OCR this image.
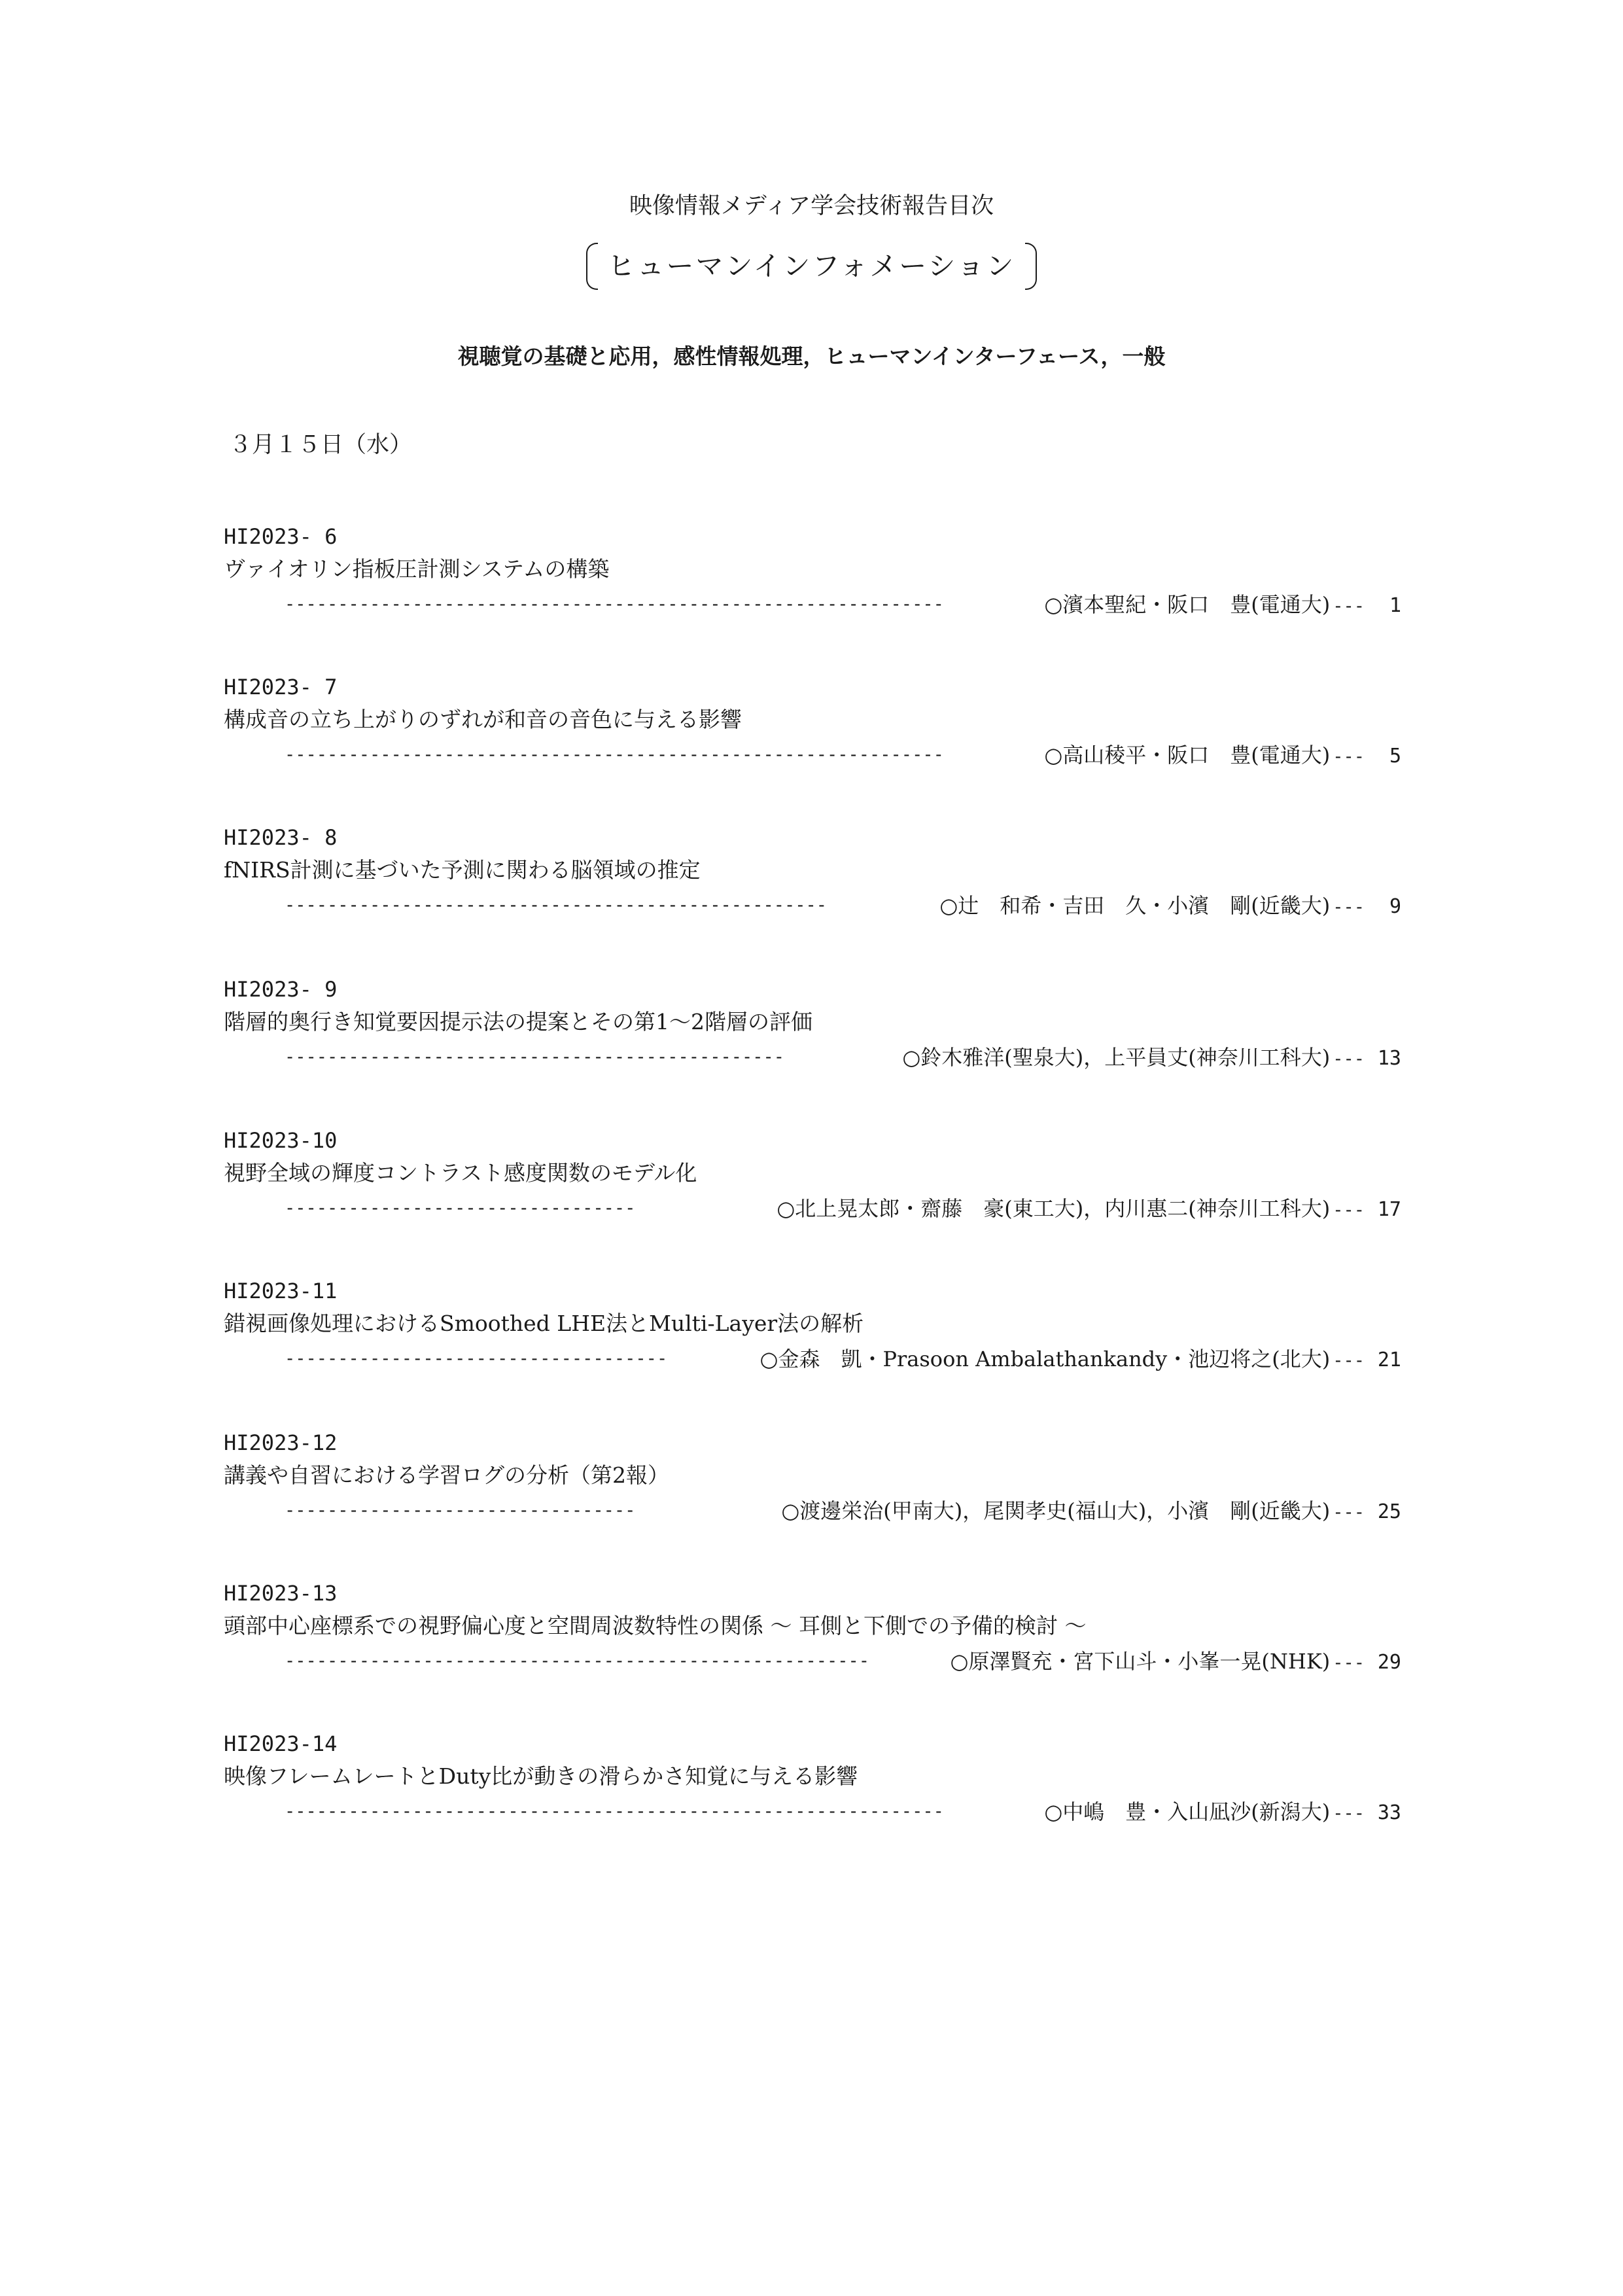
映像情報メディア学会技術報告目次
ヒューマンインフォメーション
視聴覚の基礎と応用，感性情報処理，ヒューマンインターフェース，一般
３月１５日（水）
HI2023- 6
ヴァイオリン指板圧計測システムの構築
--------------------------------------------------------------	○濱本聖紀・阪口　豊(電通大) --- 1
HI2023- 7
構成音の立ち上がりのずれが和音の音色に与える影響
--------------------------------------------------------------	○高山稜平・阪口　豊(電通大) --- 5
HI2023- 8
fNIRS計測に基づいた予測に関わる脳領域の推定
---------------------------------------------------	○辻　和希・吉田　久・小濱　剛(近畿大) --- 9
HI2023- 9
階層的奥行き知覚要因提示法の提案とその第1～2階層の評価
-----------------------------------------------	○鈴木雅洋(聖泉大)，上平員丈(神奈川工科大) --- 13
HI2023-10
視野全域の輝度コントラスト感度関数のモデル化
---------------------------------	○北上晃太郎・齋藤　豪(東工大)，内川惠二(神奈川工科大) --- 17
HI2023-11
錯視画像処理におけるSmoothed LHE法とMulti-Layer法の解析
------------------------------------	○金森　凱・Prasoon Ambalathankandy・池辺将之(北大) --- 21
HI2023-12
講義や自習における学習ログの分析（第2報）
---------------------------------	○渡邊栄治(甲南大)，尾関孝史(福山大)，小濱　剛(近畿大) --- 25
HI2023-13
頭部中心座標系での視野偏心度と空間周波数特性の関係 ～ 耳側と下側での予備的検討 ～
-------------------------------------------------------	○原澤賢充・宮下山斗・小峯一晃(NHK) --- 29
HI2023-14
映像フレームレートとDuty比が動きの滑らかさ知覚に与える影響
--------------------------------------------------------------	○中嶋　豊・入山凪沙(新潟大) --- 33
